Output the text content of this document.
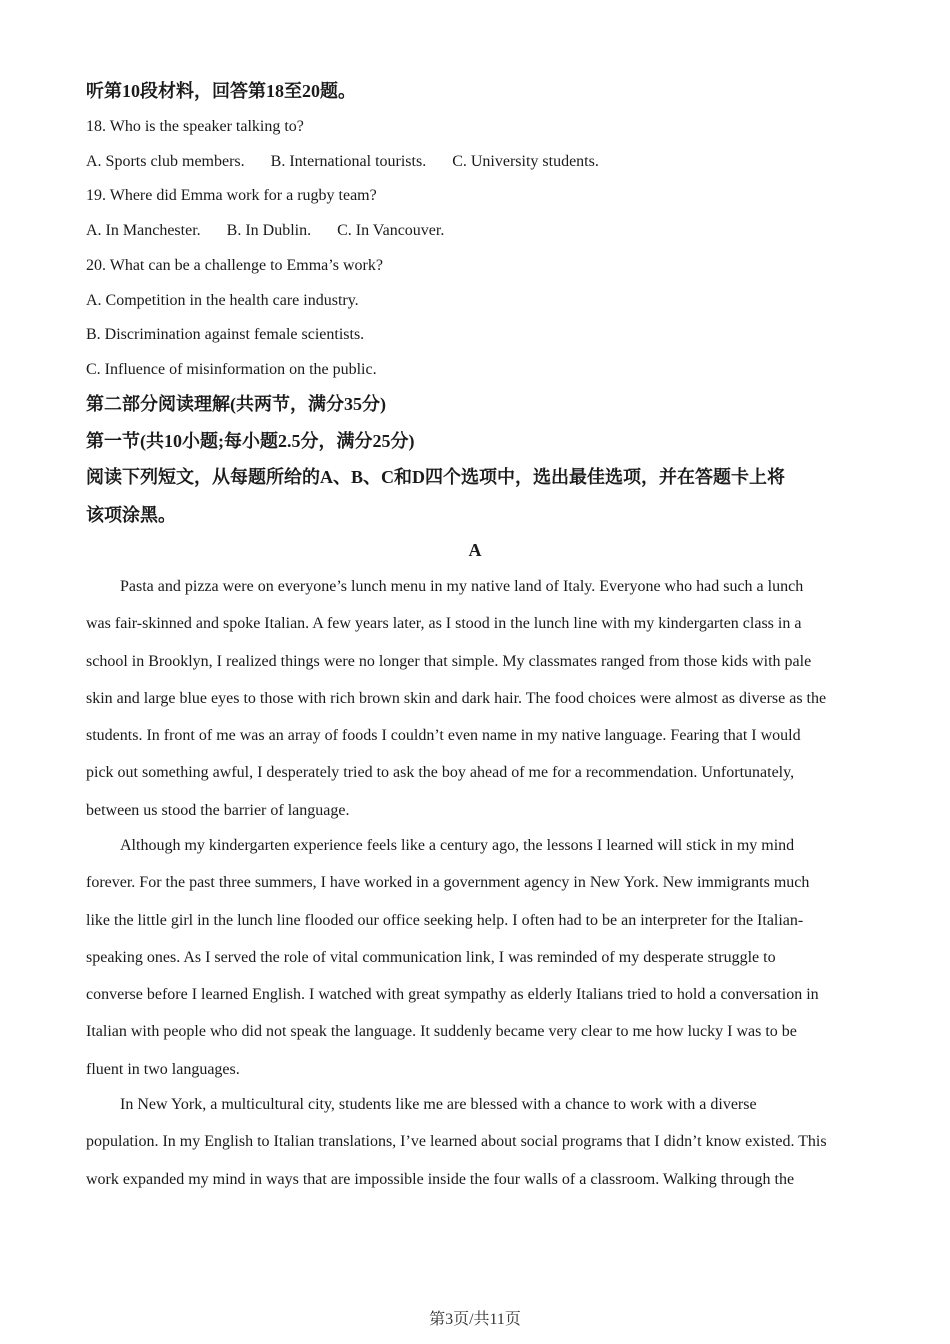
听第10段材料，回答第18至20题。
18. Who is the speaker talking to?
A. Sports club members. B. International tourists. C. University students.
19. Where did Emma work for a rugby team?
A. In Manchester. B. In Dublin. C. In Vancouver.
20. What can be a challenge to Emma’s work?
A. Competition in the health care industry.
B. Discrimination against female scientists.
C. Influence of misinformation on the public.
第二部分阅读理解(共两节，满分35分)
第一节(共10小题;每小题2.5分，满分25分)
阅读下列短文，从每题所给的A、B、C和D四个选项中，选出最佳选项，并在答题卡上将
该项涂黑。
A
Pasta and pizza were on everyone’s lunch menu in my native land of Italy. Everyone who had such a lunch
was fair-skinned and spoke Italian. A few years later, as I stood in the lunch line with my kindergarten class in a
school in Brooklyn, I realized things were no longer that simple. My classmates ranged from those kids with pale
skin and large blue eyes to those with rich brown skin and dark hair. The food choices were almost as diverse as the
students. In front of me was an array of foods I couldn’t even name in my native language. Fearing that I would
pick out something awful, I desperately tried to ask the boy ahead of me for a recommendation. Unfortunately,
between us stood the barrier of language.
Although my kindergarten experience feels like a century ago, the lessons I learned will stick in my mind
forever. For the past three summers, I have worked in a government agency in New York. New immigrants much
like the little girl in the lunch line flooded our office seeking help. I often had to be an interpreter for the Italian-
speaking ones. As I served the role of vital communication link, I was reminded of my desperate struggle to
converse before I learned English. I watched with great sympathy as elderly Italians tried to hold a conversation in
Italian with people who did not speak the language. It suddenly became very clear to me how lucky I was to be
fluent in two languages.
In New York, a multicultural city, students like me are blessed with a chance to work with a diverse
population. In my English to Italian translations, I’ve learned about social programs that I didn’t know existed. This
work expanded my mind in ways that are impossible inside the four walls of a classroom. Walking through the
第3页/共11页
